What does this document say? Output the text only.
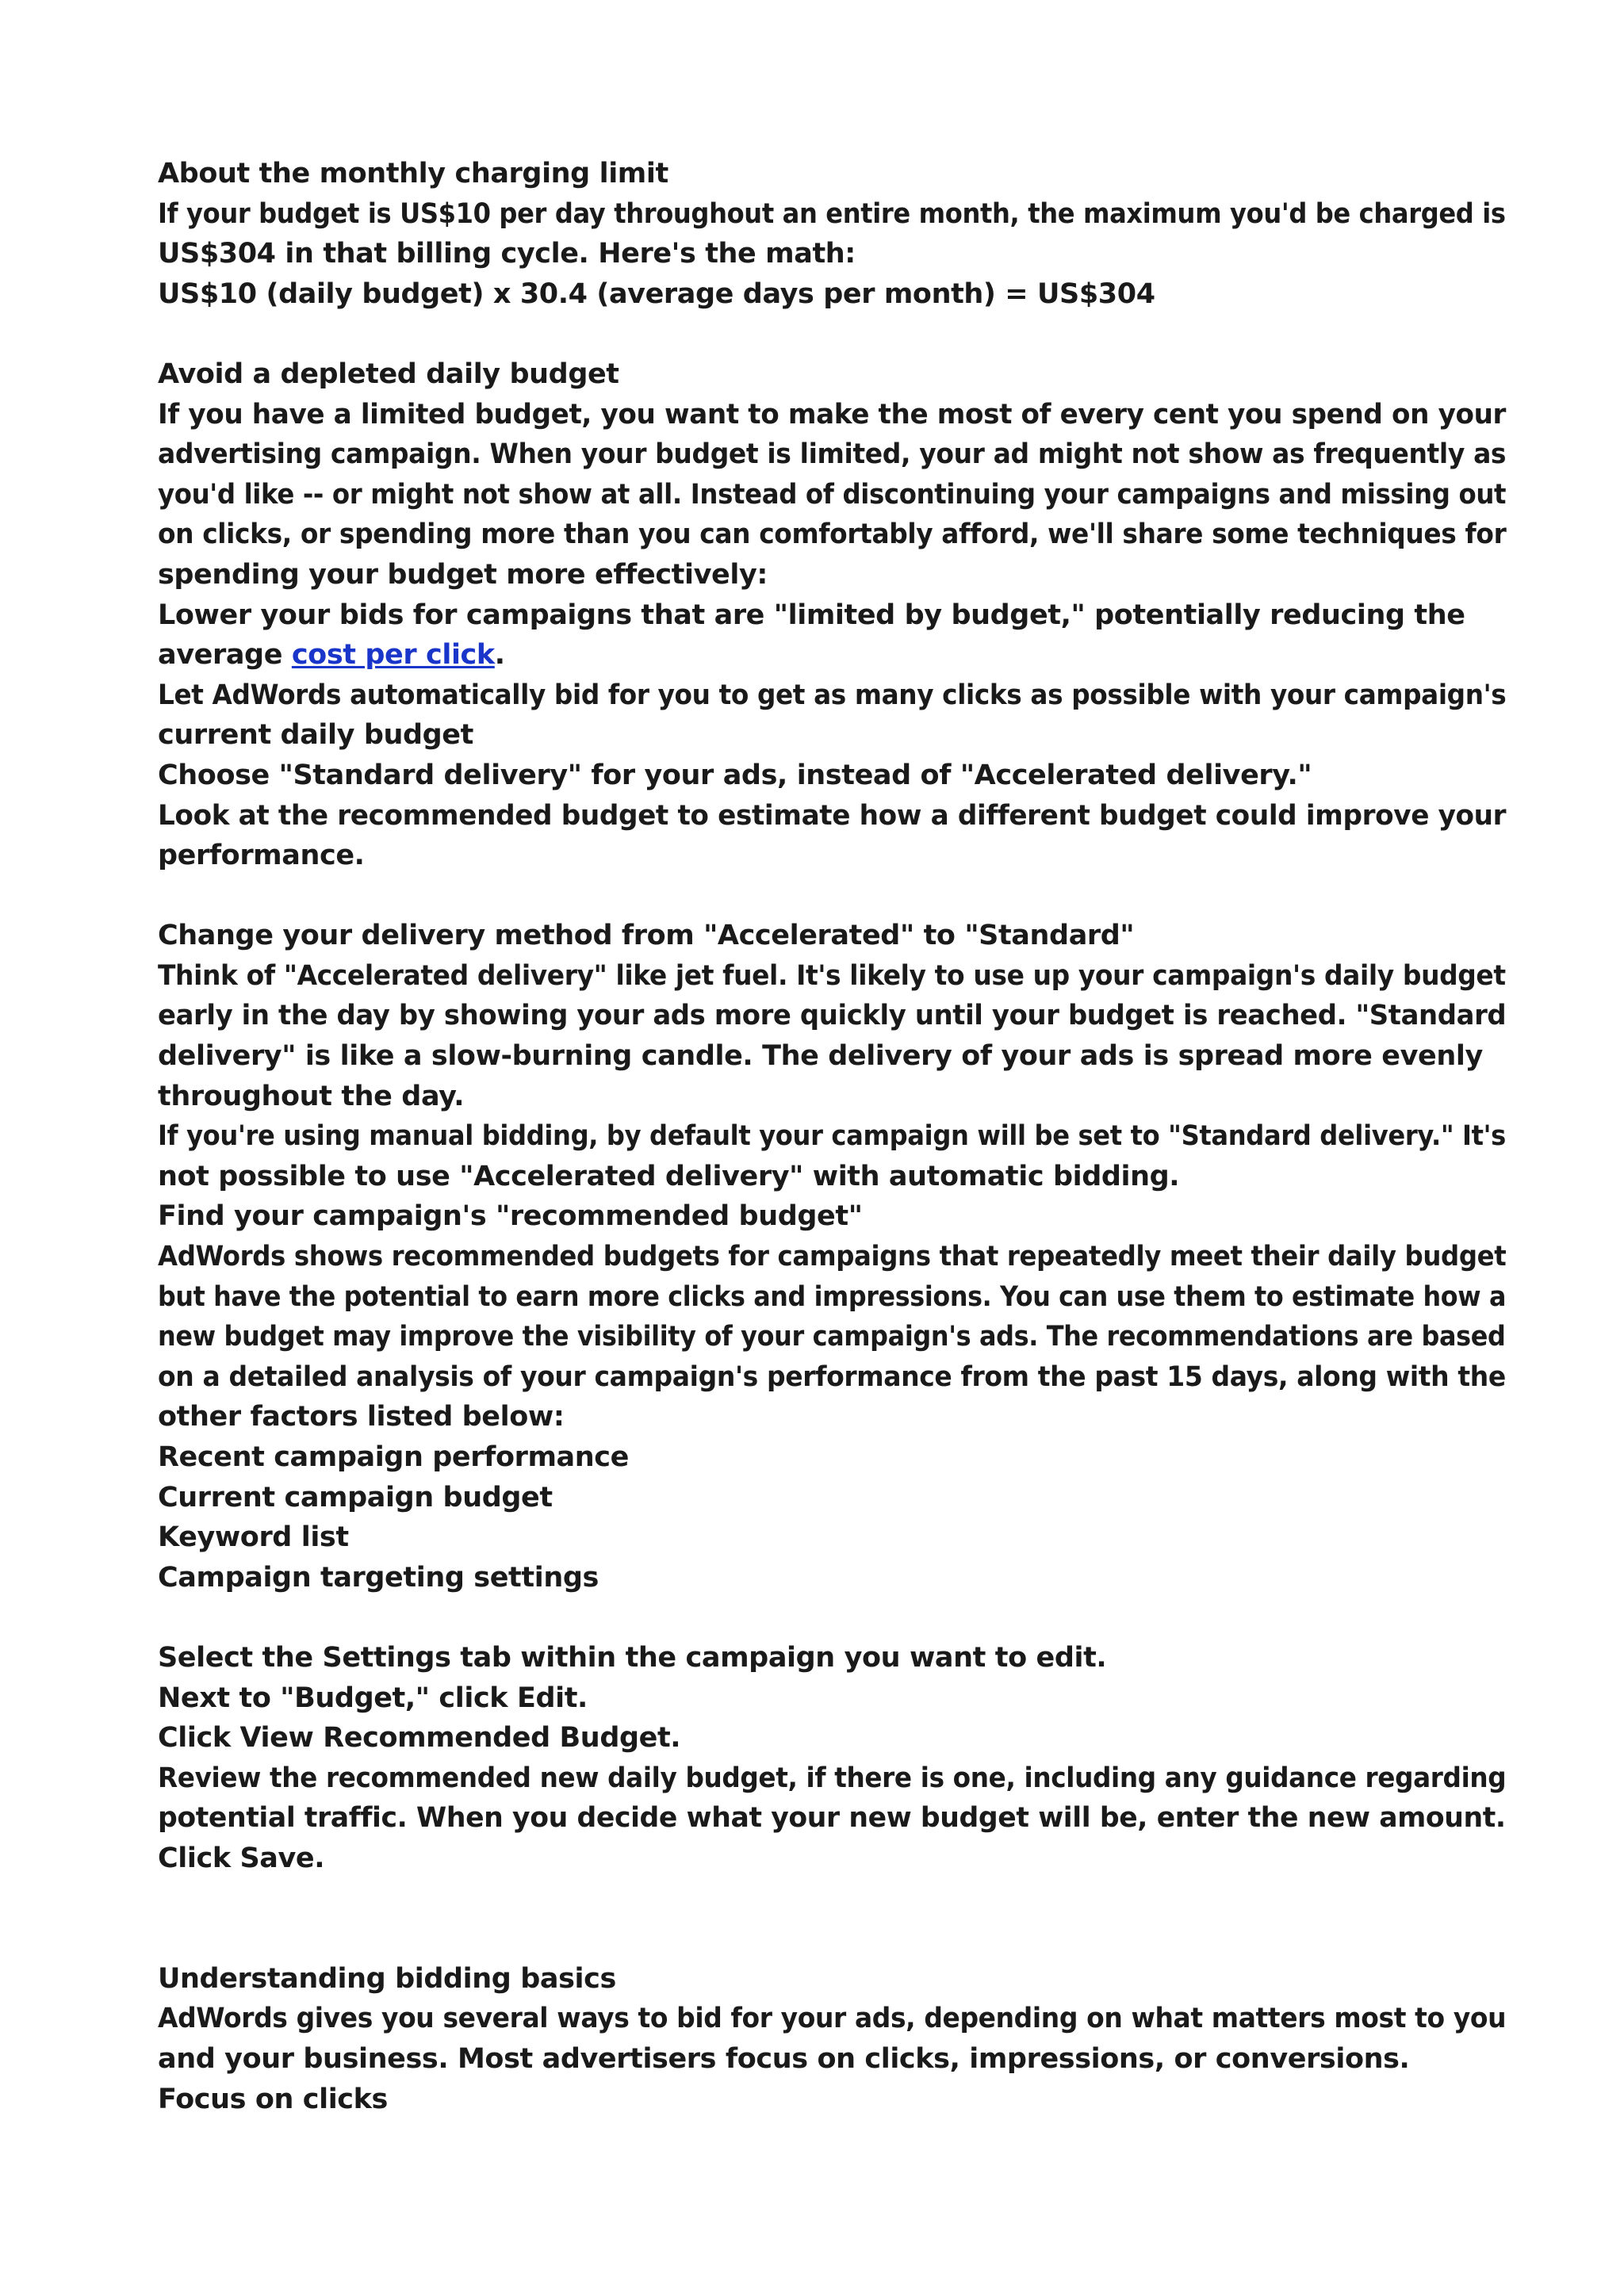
About the monthly charging limit
If your budget is US$10 per day throughout an entire month, the maximum you'd be charged is
US$304 in that billing cycle. Here's the math:
US$10 (daily budget) x 30.4 (average days per month) = US$304
Avoid a depleted daily budget
If you have a limited budget, you want to make the most of every cent you spend on your
advertising campaign. When your budget is limited, your ad might not show as frequently as
you'd like -- or might not show at all. Instead of discontinuing your campaigns and missing out
on clicks, or spending more than you can comfortably afford, we'll share some techniques for
spending your budget more effectively:
Lower your bids for campaigns that are "limited by budget," potentially reducing the
average cost per click.
Let AdWords automatically bid for you to get as many clicks as possible with your campaign's
current daily budget
Choose "Standard delivery" for your ads, instead of "Accelerated delivery."
Look at the recommended budget to estimate how a different budget could improve your
performance.
Change your delivery method from "Accelerated" to "Standard"
Think of "Accelerated delivery" like jet fuel. It's likely to use up your campaign's daily budget
early in the day by showing your ads more quickly until your budget is reached. "Standard
delivery" is like a slow-burning candle. The delivery of your ads is spread more evenly
throughout the day.
If you're using manual bidding, by default your campaign will be set to "Standard delivery." It's
not possible to use "Accelerated delivery" with automatic bidding.
Find your campaign's "recommended budget"
AdWords shows recommended budgets for campaigns that repeatedly meet their daily budget
but have the potential to earn more clicks and impressions. You can use them to estimate how a
new budget may improve the visibility of your campaign's ads. The recommendations are based
on a detailed analysis of your campaign's performance from the past 15 days, along with the
other factors listed below:
Recent campaign performance
Current campaign budget
Keyword list
Campaign targeting settings
Select the Settings tab within the campaign you want to edit.
Next to "Budget," click Edit.
Click View Recommended Budget.
Review the recommended new daily budget, if there is one, including any guidance regarding
potential traffic. When you decide what your new budget will be, enter the new amount.
Click Save.
Understanding bidding basics
AdWords gives you several ways to bid for your ads, depending on what matters most to you
and your business. Most advertisers focus on clicks, impressions, or conversions.
Focus on clicks
